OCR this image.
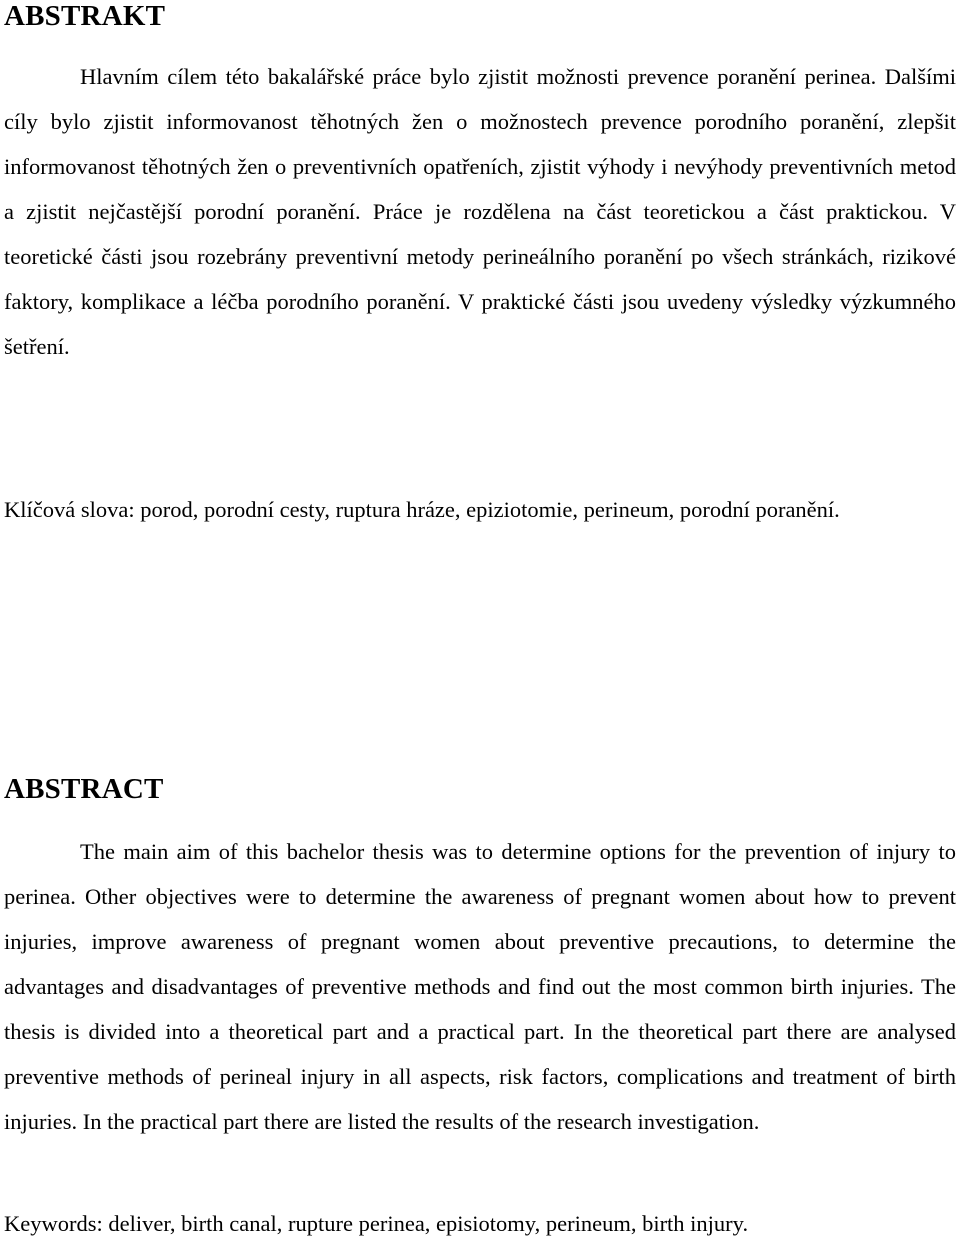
ABSTRAKT

Hlavním cílem této bakalářské práce bylo zjistit možnosti prevence poranění perinea. Dalšími cíly bylo zjistit informovanost těhotných žen o možnostech prevence porodního poranění, zlepšit informovanost těhotných žen o preventivních opatřeních, zjistit výhody i nevýhody preventivních metod a zjistit nejčastější porodní poranění. Práce je rozdělena na část teoretickou a část praktickou. V teoretické části jsou rozebrány preventivní metody perineálního poranění po všech stránkách, rizikové faktory, komplikace a léčba porodního poranění. V praktické části jsou uvedeny výsledky výzkumného šetření.

Klíčová slova: porod, porodní cesty, ruptura hráze, epiziotomie, perineum, porodní poranění.

ABSTRACT

The main aim of this bachelor thesis was to determine options for the prevention of injury to perinea. Other objectives were to determine the awareness of pregnant women about how to prevent injuries, improve awareness of pregnant women about preventive precautions, to determine the advantages and disadvantages of preventive methods and find out the most common birth injuries. The thesis is divided into a theoretical part and a practical part. In the theoretical part there are analysed preventive methods of perineal injury in all aspects, risk factors, complications and treatment of birth injuries. In the practical part there are listed the results of the research investigation.

Keywords: deliver, birth canal, rupture perinea, episiotomy, perineum, birth injury.
